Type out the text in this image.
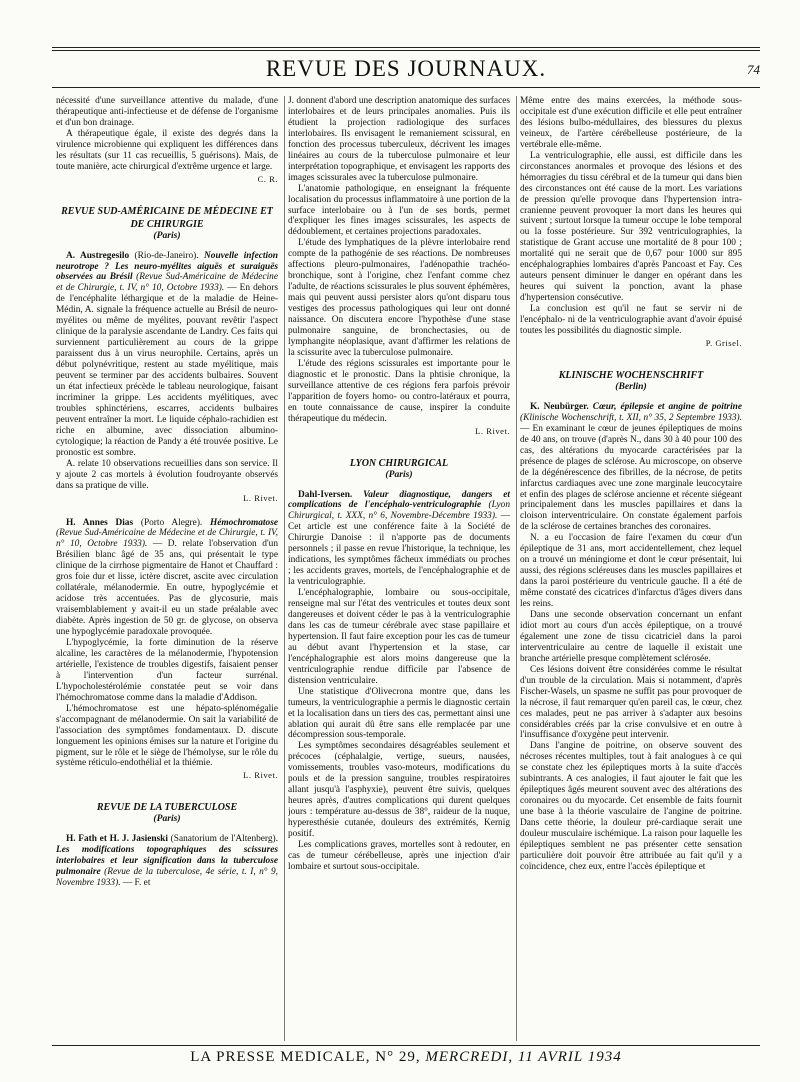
REVUE DES JOURNAUX.	74

nécessité d'une surveillance attentive du malade, d'une thérapeutique anti-infectieuse et de défense de l'organisme et d'un bon drainage.

A thérapeutique égale, il existe des degrés dans la virulence microbienne qui expliquent les différences dans les résultats (sur 11 cas recueillis, 5 guérisons). Mais, de toute manière, acte chirurgical d'extrême urgence et large.

C. R.

REVUE SUD-AMÉRICAINE DE MÉDECINE ET DE CHIRURGIE

(Paris)

A. Austregesilo (Rio-de-Janeiro). Nouvelle infection neurotrope ? Les neuro-myélites aiguës et suraiguës observées au Brésil (Revue Sud-Américaine de Médecine et de Chirurgie, t. IV, n° 10, Octobre 1933). — En dehors de l'encéphalite léthargique et de la maladie de Heine-Médin, A. signale la fréquence actuelle au Brésil de neuro-myélites ou même de myélites, pouvant revêtir l'aspect clinique de la paralysie ascendante de Landry. Ces faits qui surviennent particulièrement au cours de la grippe paraissent dus à un virus neurophile. Certains, après un début polynévritique, restent au stade myélitique, mais peuvent se terminer par des accidents bulbaires. Souvent un état infectieux précède le tableau neurologique, faisant incriminer la grippe. Les accidents myélitiques, avec troubles sphinctériens, escarres, accidents bulbaires peuvent entraîner la mort. Le liquide céphalo-rachidien est riche en albumine, avec dissociation albumino-cytologique; la réaction de Pandy a été trouvée positive. Le pronostic est sombre.

A. relate 10 observations recueillies dans son service. Il y ajoute 2 cas mortels à évolution foudroyante observés dans sa pratique de ville.

L. Rivet.

H. Annes Dias (Porto Alegre). Hémochromatose (Revue Sud-Américaine de Médecine et de Chirurgie, t. IV, n° 10, Octobre 1933). — D. relate l'observation d'un Brésilien blanc âgé de 35 ans, qui présentait le type clinique de la cirrhose pigmentaire de Hanot et Chauffard : gros foie dur et lisse, ictère discret, ascite avec circulation collatérale, mélanodermie. En outre, hypoglycémie et acidose très accentuées. Pas de glycosurie, mais vraisemblablement y avait-il eu un stade préalable avec diabète. Après ingestion de 50 gr. de glycose, on observa une hypoglycémie paradoxale provoquée.

L'hypoglycémie, la forte diminution de la réserve alcaline, les caractères de la mélanodermie, l'hypotension artérielle, l'existence de troubles digestifs, faisaient penser à l'intervention d'un facteur surrénal. L'hypocholestérolémie constatée peut se voir dans l'hémochromatose comme dans la maladie d'Addison.

L'hémochromatose est une hépato-splénomégalie s'accompagnant de mélanodermie. On sait la variabilité de l'association des symptômes fondamentaux. D. discute longuement les opinions émises sur la nature et l'origine du pigment, sur le rôle et le siège de l'hémolyse, sur le rôle du système réticulo-endothélial et la thiémie.

L. Rivet.

REVUE DE LA TUBERCULOSE

(Paris)

H. Fath et H. J. Jasienski (Sanatorium de l'Altenberg). Les modifications topographiques des scissures interlobaires et leur signification dans la tuberculose pulmonaire (Revue de la tuberculose, 4e série, t. I, n° 9, Novembre 1933). — F. et

J. donnent d'abord une description anatomique des surfaces interlobaires et de leurs principales anomalies. Puis ils étudient la projection radiologique des surfaces interlobaires. Ils envisagent le remaniement scissural, en fonction des processus tuberculeux, décrivent les images linéaires au cours de la tuberculose pulmonaire et leur interprétation topographique, et envisagent les rapports des images scissurales avec la tuberculose pulmonaire.

L'anatomie pathologique, en enseignant la fréquente localisation du processus inflammatoire à une portion de la surface interlobaire ou à l'un de ses bords, permet d'expliquer les fines images scissurales, les aspects de dédoublement, et certaines projections paradoxales.

L'étude des lymphatiques de la plèvre interlobaire rend compte de la pathogénie de ses réactions. De nombreuses affections pleuro-pulmonaires, l'adénopathie trachéo-bronchique, sont à l'origine, chez l'enfant comme chez l'adulte, de réactions scissurales le plus souvent éphémères, mais qui peuvent aussi persister alors qu'ont disparu tous vestiges des processus pathologiques qui leur ont donné naissance. On discutera encore l'hypothèse d'une stase pulmonaire sanguine, de bronchectasies, ou de lymphangite néoplasique, avant d'affirmer les relations de la scissurite avec la tuberculose pulmonaire.

L'étude des régions scissurales est importante pour le diagnostic et le pronostic. Dans la phtisie chronique, la surveillance attentive de ces régions fera parfois prévoir l'apparition de foyers homo- ou contro-latéraux et pourra, en toute connaissance de cause, inspirer la conduite thérapeutique du médecin.

L. Rivet.

LYON CHIRURGICAL

(Paris)

Dahl-Iversen. Valeur diagnostique, dangers et complications de l'encéphalo-ventriculographie (Lyon Chirurgical, t. XXX, n° 6, Novembre-Décembre 1933). — Cet article est une conférence faite à la Société de Chirurgie Danoise : il n'apporte pas de documents personnels ; il passe en revue l'historique, la technique, les indications, les symptômes fâcheux immédiats ou proches ; les accidents graves, mortels, de l'encéphalographie et de la ventriculographie.

L'encéphalographie, lombaire ou sous-occipitale, renseigne mal sur l'état des ventricules et toutes deux sont dangereuses et doivent céder le pas à la ventriculographie dans les cas de tumeur cérébrale avec stase papillaire et hypertension. Il faut faire exception pour les cas de tumeur au début avant l'hypertension et la stase, car l'encéphalographie est alors moins dangereuse que la ventriculographie rendue difficile par l'absence de distension ventriculaire.

Une statistique d'Olivecrona montre que, dans les tumeurs, la ventriculographie a permis le diagnostic certain et la localisation dans un tiers des cas, permettant ainsi une ablation qui aurait dû être sans elle remplacée par une décompression sous-temporale.

Les symptômes secondaires désagréables seulement et précoces (céphalalgie, vertige, sueurs, nausées, vomissements, troubles vaso-moteurs, modifications du pouls et de la pression sanguine, troubles respiratoires allant jusqu'à l'asphyxie), peuvent être suivis, quelques heures après, d'autres complications qui durent quelques jours : température au-dessus de 38°, raideur de la nuque, hyperesthésie cutanée, douleurs des extrémités, Kernig positif.

Les complications graves, mortelles sont à redouter, en cas de tumeur cérébelleuse, après une injection d'air lombaire et surtout sous-occipitale.

Même entre des mains exercées, la méthode sous-occipitale est d'une exécution difficile et elle peut entraîner des lésions bulbo-médullaires, des blessures du plexus veineux, de l'artère cérébelleuse postérieure, de la vertébrale elle-même.

La ventriculographie, elle aussi, est difficile dans les circonstances anormales et provoque des lésions et des hémorragies du tissu cérébral et de la tumeur qui dans bien des circonstances ont été cause de la mort. Les variations de pression qu'elle provoque dans l'hypertension intra-cranienne peuvent provoquer la mort dans les heures qui suivent ; surtout lorsque la tumeur occupe le lobe temporal ou la fosse postérieure. Sur 392 ventriculographies, la statistique de Grant accuse une mortalité de 8 pour 100 ; mortalité qui ne serait que de 0,67 pour 1000 sur 895 encéphalographies lombaires d'après Pancoast et Fay. Ces auteurs pensent diminuer le danger en opérant dans les heures qui suivent la ponction, avant la phase d'hypertension consécutive.

La conclusion est qu'il ne faut se servir ni de l'encéphalo- ni de la ventriculographie avant d'avoir épuisé toutes les possibilités du diagnostic simple.

P. Grisel.

KLINISCHE WOCHENSCHRIFT

(Berlin)

K. Neubürger. Cœur, épilepsie et angine de poitrine (Klinische Wochenschrift, t. XII, n° 35, 2 Septembre 1933). — En examinant le cœur de jeunes épileptiques de moins de 40 ans, on trouve (d'après N., dans 30 à 40 pour 100 des cas, des altérations du myocarde caractérisées par la présence de plages de sclérose. Au microscope, on observe de la dégénérescence des fibrilles, de la nécrose, de petits infarctus cardiaques avec une zone marginale leucocytaire et enfin des plages de sclérose ancienne et récente siégeant principalement dans les muscles papillaires et dans la cloison interventriculaire. On constate également parfois de la sclérose de certaines branches des coronaires.

N. a eu l'occasion de faire l'examen du cœur d'un épileptique de 31 ans, mort accidentellement, chez lequel on a trouvé un méningiome et dont le cœur présentait, lui aussi, des régions scléreuses dans les muscles papillaires et dans la paroi postérieure du ventricule gauche. Il a été de même constaté des cicatrices d'infarctus d'âges divers dans les reins.

Dans une seconde observation concernant un enfant idiot mort au cours d'un accès épileptique, on a trouvé également une zone de tissu cicatriciel dans la paroi interventriculaire au centre de laquelle il existait une branche artérielle presque complètement sclérosée.

Ces lésions doivent être considérées comme le résultat d'un trouble de la circulation. Mais si notamment, d'après Fischer-Wasels, un spasme ne suffit pas pour provoquer de la nécrose, il faut remarquer qu'en pareil cas, le cœur, chez ces malades, peut ne pas arriver à s'adapter aux besoins considérables créés par la crise convulsive et en outre à l'insuffisance d'oxygène peut intervenir.

Dans l'angine de poitrine, on observe souvent des nécroses récentes multiples, tout à fait analogues à ce qui se constate chez les épileptiques morts à la suite d'accès subintrants. A ces analogies, il faut ajouter le fait que les épileptiques âgés meurent souvent avec des altérations des coronaires ou du myocarde. Cet ensemble de faits fournit une base à la théorie vasculaire de l'angine de poitrine. Dans cette théorie, la douleur pré-cardiaque serait une douleur musculaire ischémique. La raison pour laquelle les épileptiques semblent ne pas présenter cette sensation particulière doit pouvoir être attribuée au fait qu'il y a coïncidence, chez eux, entre l'accès épileptique et

LA PRESSE MEDICALE, N° 29, MERCREDI, 11 AVRIL 1934
